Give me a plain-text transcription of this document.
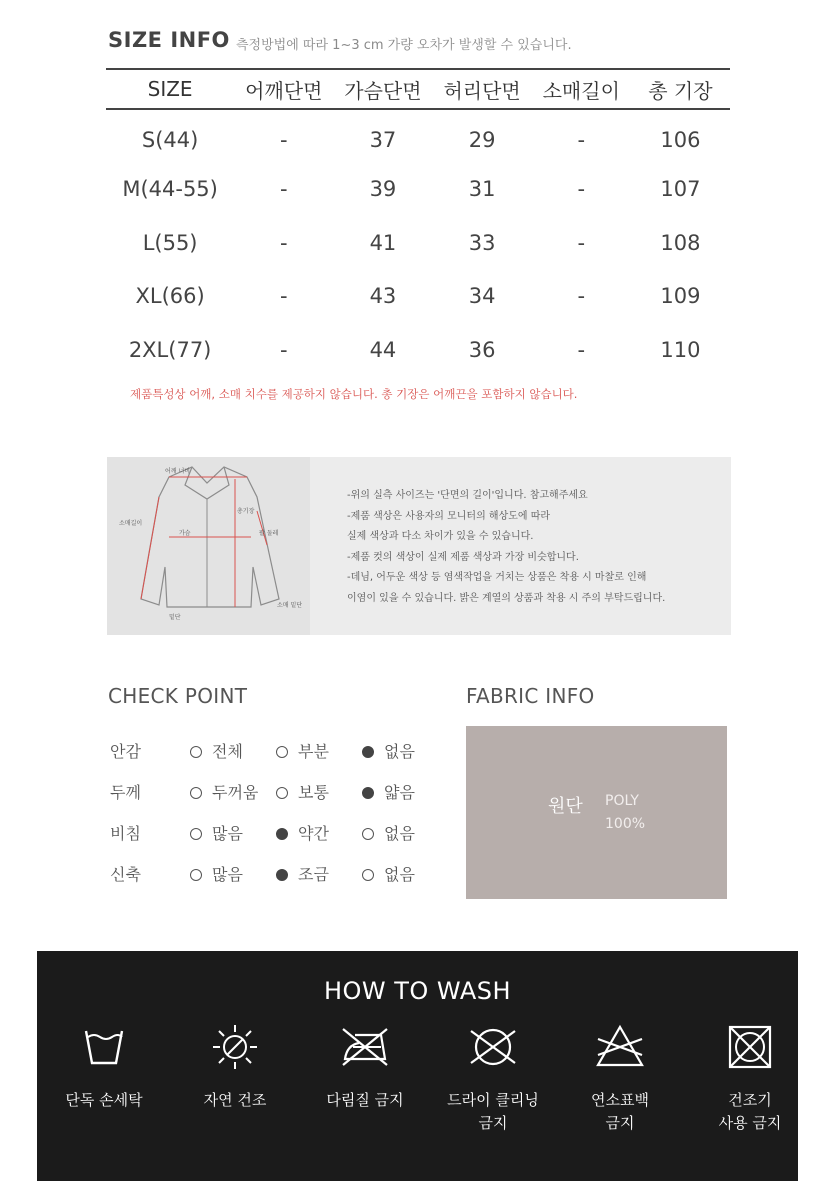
SIZE INFO 측정방법에 따라 1~3 cm 가량 오차가 발생할 수 있습니다.
SIZE	어깨단면	가슴단면	허리단면	소매길이	총 기장
S(44)	-	37	29	-	106
M(44-55)	-	39	31	-	107
L(55)	-	41	33	-	108
XL(66)	-	43	34	-	109
2XL(77)	-	44	36	-	110
제품특성상 어깨, 소매 치수를 제공하지 않습니다. 총 기장은 어깨끈을 포함하지 않습니다.
어깨 너비
소매길이
가슴
총기장
팔 둘레
밑단
소매 밑단

-위의 실측 사이즈는 '단면의 길이'입니다. 참고해주세요

-제품 색상은 사용자의 모니터의 해상도에 따라

실제 색상과 다소 차이가 있을 수 있습니다.

-제품 컷의 색상이 실제 제품 색상과 가장 비슷합니다.

-데님, 어두운 색상 등 염색작업을 거치는 상품은 착용 시 마찰로 인해

이염이 있을 수 있습니다. 밝은 계열의 상품과 착용 시 주의 부탁드립니다.

CHECK POINT
안감	전체	부분	없음
두께	두꺼움	보통	얇음
비침	많음	약간	없음
신축	많음	조금	없음
FABRIC INFO
원단 POLY
100%
HOW TO WASH
단독 손세탁	자연 건조	다림질 금지	드라이 클리닝
금지
연소표백
금지
건조기
사용 금지
